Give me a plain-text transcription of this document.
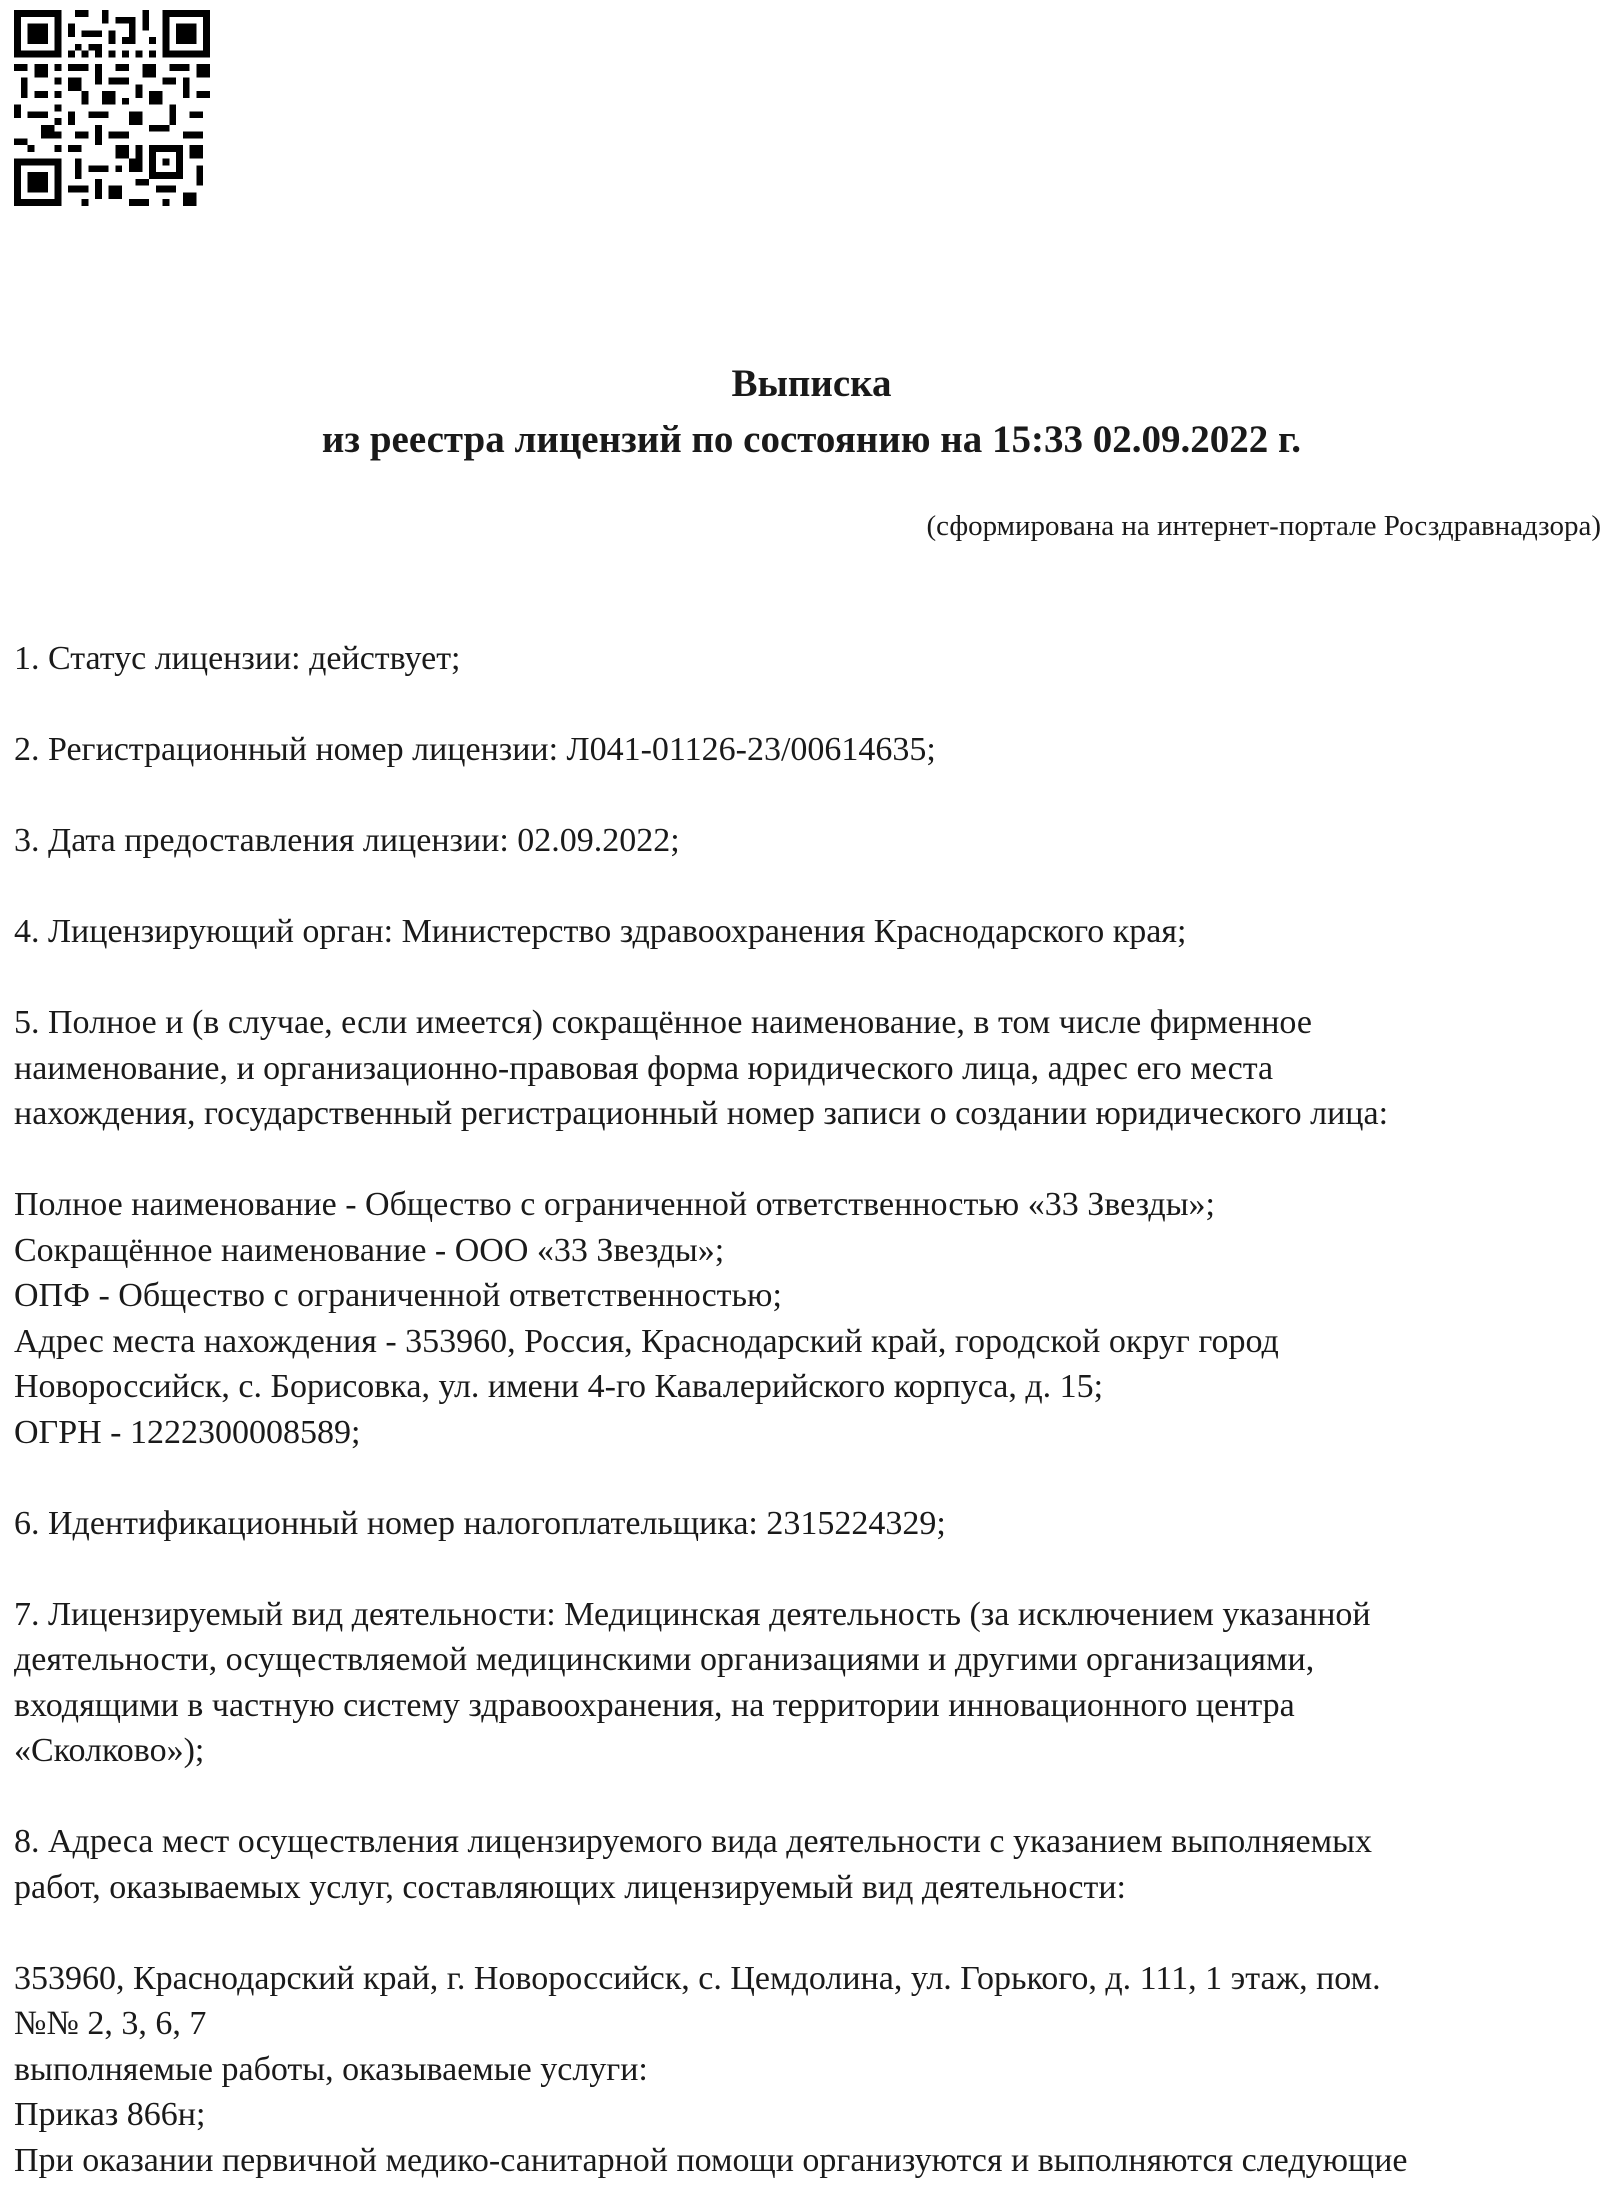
Выписка
из реестра лицензий по состоянию на 15:33 02.09.2022 г.
(сформирована на интернет-портале Росздравнадзора)

1. Статус лицензии: действует;

2. Регистрационный номер лицензии: Л041-01126-23/00614635;

3. Дата предоставления лицензии: 02.09.2022;

4. Лицензирующий орган: Министерство здравоохранения Краснодарского края;

5. Полное и (в случае, если имеется) сокращённое наименование, в том числе фирменное
наименование, и организационно-правовая форма юридического лица, адрес его места
нахождения, государственный регистрационный номер записи о создании юридического лица:

Полное наименование - Общество с ограниченной ответственностью «33 Звезды»;
Сокращённое наименование - ООО «33 Звезды»;
ОПФ - Общество с ограниченной ответственностью;
Адрес места нахождения - 353960, Россия, Краснодарский край, городской округ город
Новороссийск, с. Борисовка, ул. имени 4-го Кавалерийского корпуса, д. 15;
ОГРН - 1222300008589;

6. Идентификационный номер налогоплательщика: 2315224329;

7. Лицензируемый вид деятельности: Медицинская деятельность (за исключением указанной
деятельности, осуществляемой медицинскими организациями и другими организациями,
входящими в частную систему здравоохранения, на территории инновационного центра
«Сколково»);

8. Адреса мест осуществления лицензируемого вида деятельности с указанием выполняемых
работ, оказываемых услуг, составляющих лицензируемый вид деятельности:

353960, Краснодарский край, г. Новороссийск, с. Цемдолина, ул. Горького, д. 111, 1 этаж, пом.
№№ 2, 3, 6, 7
выполняемые работы, оказываемые услуги:
Приказ 866н;
При оказании первичной медико-санитарной помощи организуются и выполняются следующие
